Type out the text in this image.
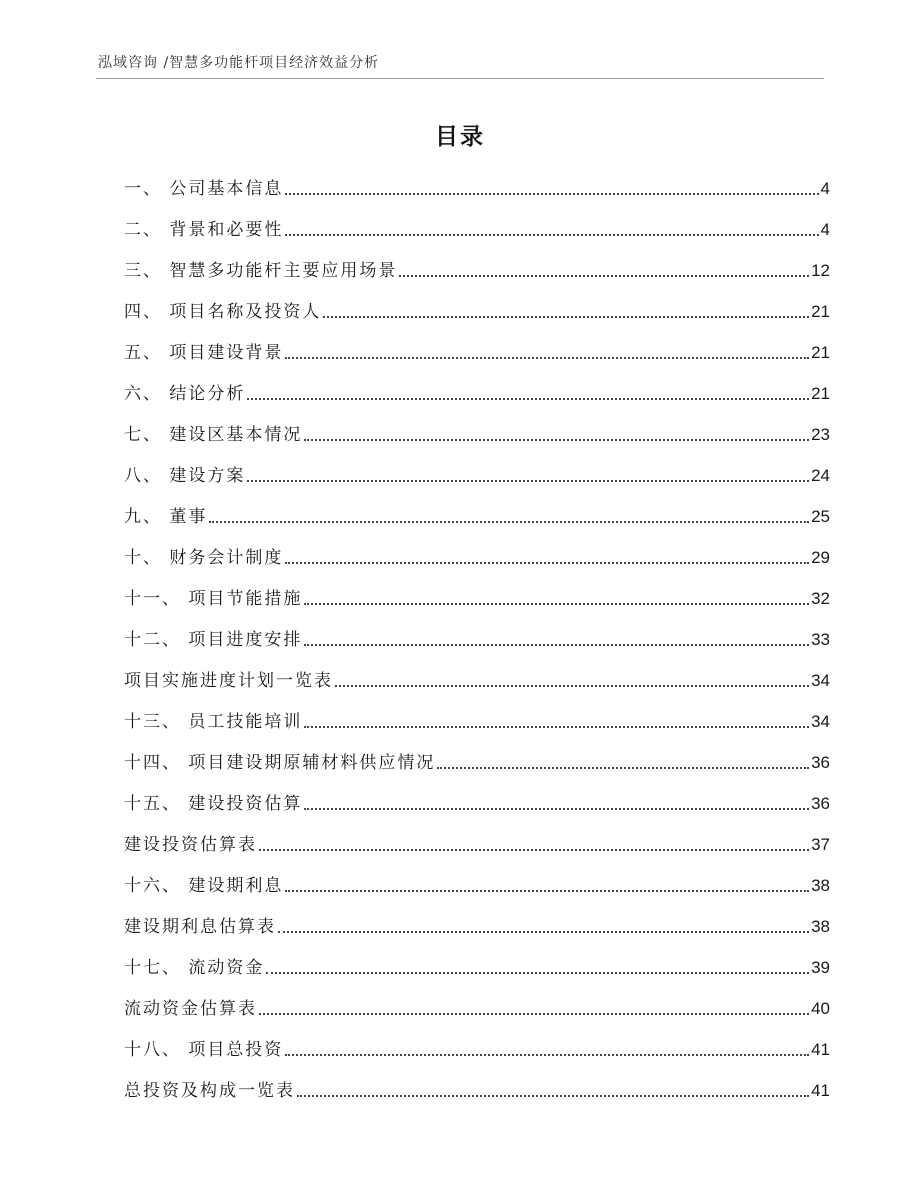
泓域咨询 /智慧多功能杆项目经济效益分析
目录
一、 公司基本信息	4
二、 背景和必要性	4
三、 智慧多功能杆主要应用场景	12
四、 项目名称及投资人	21
五、 项目建设背景	21
六、 结论分析	21
七、 建设区基本情况	23
八、 建设方案	24
九、 董事	25
十、 财务会计制度	29
十一、 项目节能措施	32
十二、 项目进度安排	33
项目实施进度计划一览表	34
十三、 员工技能培训	34
十四、 项目建设期原辅材料供应情况	36
十五、 建设投资估算	36
建设投资估算表	37
十六、 建设期利息	38
建设期利息估算表	38
十七、 流动资金	39
流动资金估算表	40
十八、 项目总投资	41
总投资及构成一览表	41
